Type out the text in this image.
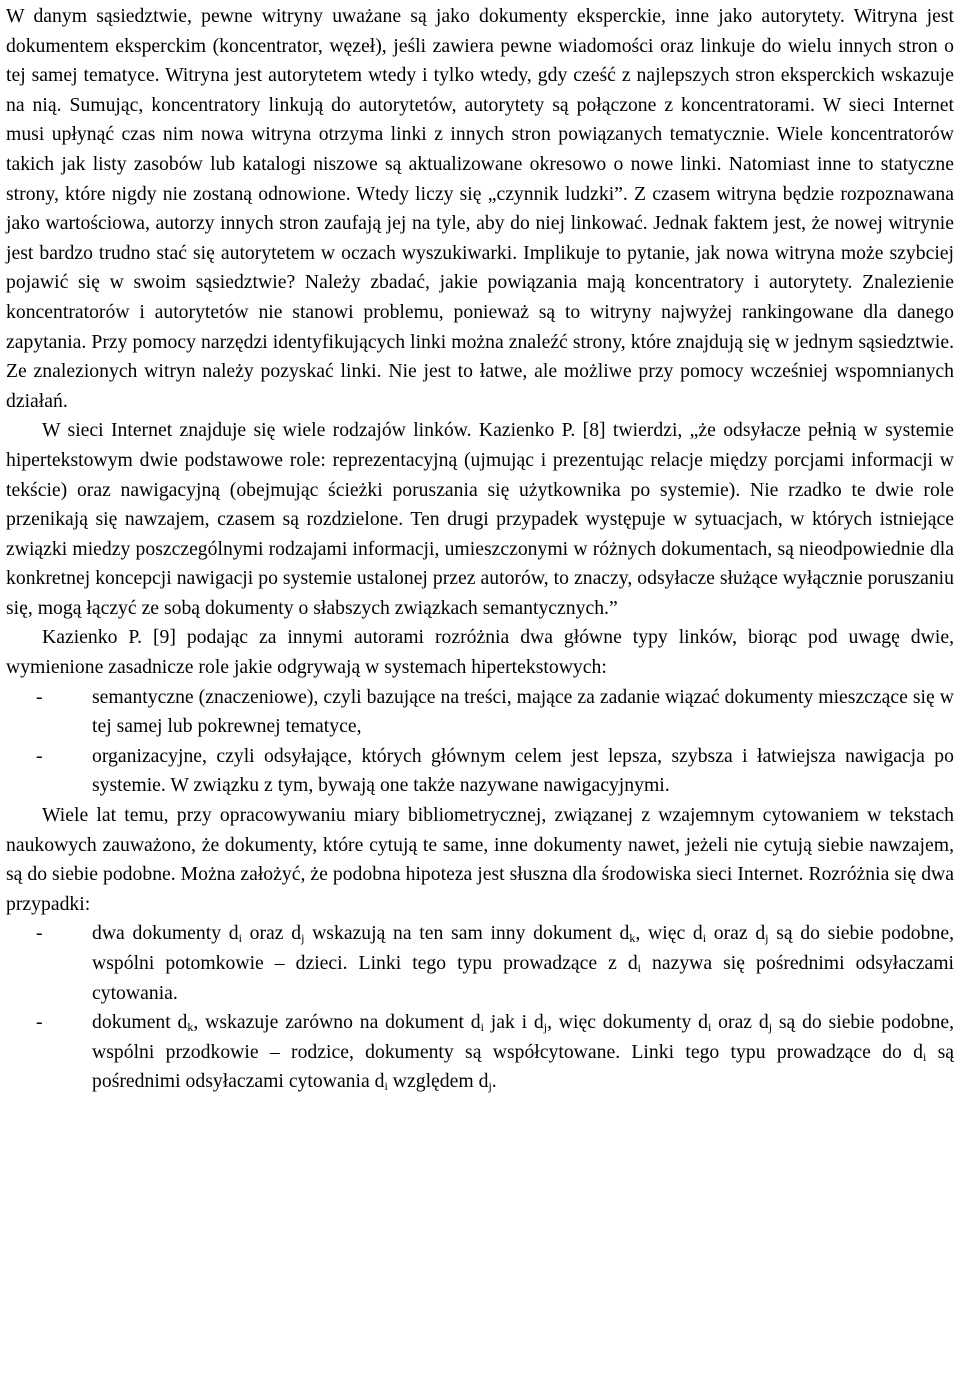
W danym sąsiedztwie, pewne witryny uważane są jako dokumenty eksperckie, inne jako autorytety. Witryna jest dokumentem eksperckim (koncentrator, węzeł), jeśli zawiera pewne wiadomości oraz linkuje do wielu innych stron o tej samej tematyce. Witryna jest autorytetem wtedy i tylko wtedy, gdy cześć z najlepszych stron eksperckich wskazuje na nią. Sumując, koncentratory linkują do autorytetów, autorytety są połączone z koncentratorami. W sieci Internet musi upłynąć czas nim nowa witryna otrzyma linki z innych stron powiązanych tematycznie. Wiele koncentratorów takich jak listy zasobów lub katalogi niszowe są aktualizowane okresowo o nowe linki. Natomiast inne to statyczne strony, które nigdy nie zostaną odnowione. Wtedy liczy się „czynnik ludzki”. Z czasem witryna będzie rozpoznawana jako wartościowa, autorzy innych stron zaufają jej na tyle, aby do niej linkować. Jednak faktem jest, że nowej witrynie jest bardzo trudno stać się autorytetem w oczach wyszukiwarki. Implikuje to pytanie, jak nowa witryna może szybciej pojawić się w swoim sąsiedztwie? Należy zbadać, jakie powiązania mają koncentratory i autorytety. Znalezienie koncentratorów i autorytetów nie stanowi problemu, ponieważ są to witryny najwyżej rankingowane dla danego zapytania. Przy pomocy narzędzi identyfikujących linki można znaleźć strony, które znajdują się w jednym sąsiedztwie. Ze znalezionych witryn należy pozyskać linki. Nie jest to łatwe, ale możliwe przy pomocy wcześniej wspomnianych działań.

W sieci Internet znajduje się wiele rodzajów linków. Kazienko P. [8] twierdzi, „że odsyłacze pełnią w systemie hipertekstowym dwie podstawowe role: reprezentacyjną (ujmując i prezentując relacje między porcjami informacji w tekście) oraz nawigacyjną (obejmując ścieżki poruszania się użytkownika po systemie). Nie rzadko te dwie role przenikają się nawzajem, czasem są rozdzielone. Ten drugi przypadek występuje w sytuacjach, w których istniejące związki miedzy poszczególnymi rodzajami informacji, umieszczonymi w różnych dokumentach, są nieodpowiednie dla konkretnej koncepcji nawigacji po systemie ustalonej przez autorów, to znaczy, odsyłacze służące wyłącznie poruszaniu się, mogą łączyć ze sobą dokumenty o słabszych związkach semantycznych.”

Kazienko P. [9] podając za innymi autorami rozróżnia dwa główne typy linków, biorąc pod uwagę dwie, wymienione zasadnicze role jakie odgrywają w systemach hipertekstowych:

-	semantyczne (znaczeniowe), czyli bazujące na treści, mające za zadanie wiązać dokumenty mieszczące się w tej samej lub pokrewnej tematyce,
-	organizacyjne, czyli odsyłające, których głównym celem jest lepsza, szybsza i łatwiejsza nawigacja po systemie. W związku z tym, bywają one także nazywane nawigacyjnymi.

Wiele lat temu, przy opracowywaniu miary bibliometrycznej, związanej z wzajemnym cytowaniem w tekstach naukowych zauważono, że dokumenty, które cytują te same, inne dokumenty nawet, jeżeli nie cytują siebie nawzajem, są do siebie podobne. Można założyć, że podobna hipoteza jest słuszna dla środowiska sieci Internet. Rozróżnia się dwa przypadki:

-	dwa dokumenty $d_i$ oraz $d_j$ wskazują na ten sam inny dokument $d_k$, więc $d_i$ oraz $d_j$ są do siebie podobne, wspólni potomkowie – dzieci. Linki tego typu prowadzące z $d_i$ nazywa się pośrednimi odsyłaczami cytowania.
-	dokument $d_k$, wskazuje zarówno na dokument $d_i$ jak i $d_j$, więc dokumenty $d_i$ oraz $d_j$ są do siebie podobne, wspólni przodkowie – rodzice, dokumenty są współcytowane. Linki tego typu prowadzące do $d_i$ są pośrednimi odsyłaczami cytowania $d_i$ względem $d_j$.
